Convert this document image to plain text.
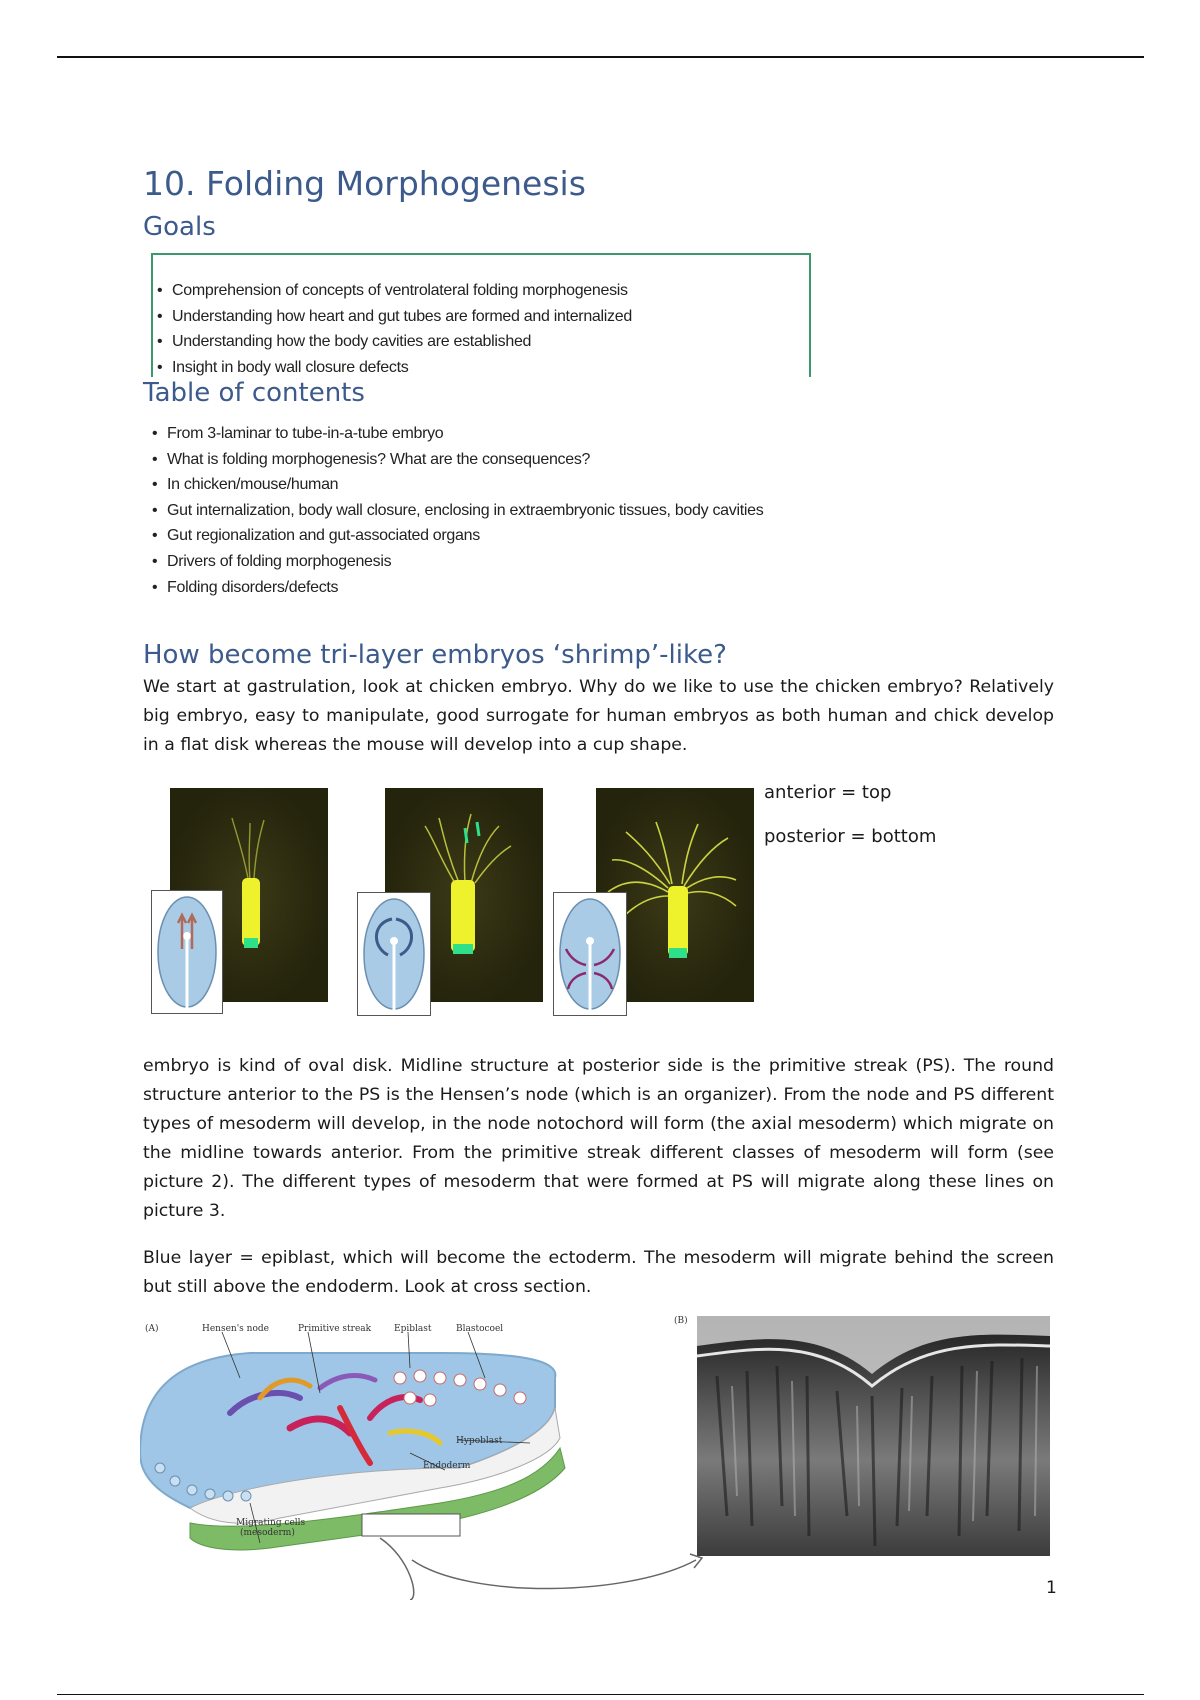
10. Folding Morphogenesis
Goals
• Comprehension of concepts of ventrolateral folding morphogenesis
• Understanding how heart and gut tubes are formed and internalized
• Understanding how the body cavities are established
• Insight in body wall closure defects
Table of contents
• From 3-laminar to tube-in-a-tube embryo
• What is folding morphogenesis? What are the consequences?
• In chicken/mouse/human
• Gut internalization, body wall closure, enclosing in extraembryonic tissues, body cavities
• Gut regionalization and gut-associated organs
• Drivers of folding morphogenesis
• Folding disorders/defects
How become tri-layer embryos ‘shrimp’-like?

We start at gastrulation, look at chicken embryo. Why do we like to use the chicken embryo? Relatively big embryo, easy to manipulate, good surrogate for human embryos as both human and chick develop in a flat disk whereas the mouse will develop into a cup shape.

anterior = top

posterior = bottom

embryo is kind of oval disk. Midline structure at posterior side is the primitive streak (PS). The round structure anterior to the PS is the Hensen’s node (which is an organizer). From the node and PS different types of mesoderm will develop, in the node notochord will form (the axial mesoderm) which migrate on the midline towards anterior. From the primitive streak different classes of mesoderm will form (see picture 2). The different types of mesoderm that were formed at PS will migrate along these lines on picture 3.

Blue layer = epiblast, which will become the ectoderm. The mesoderm will migrate behind the screen but still above the endoderm. Look at cross section.

(A)	Hensen's node	Primitive streak	Epiblast	Blastocoel
Hypoblast
Endoderm
Migrating cells
(mesoderm)
(B)
1
